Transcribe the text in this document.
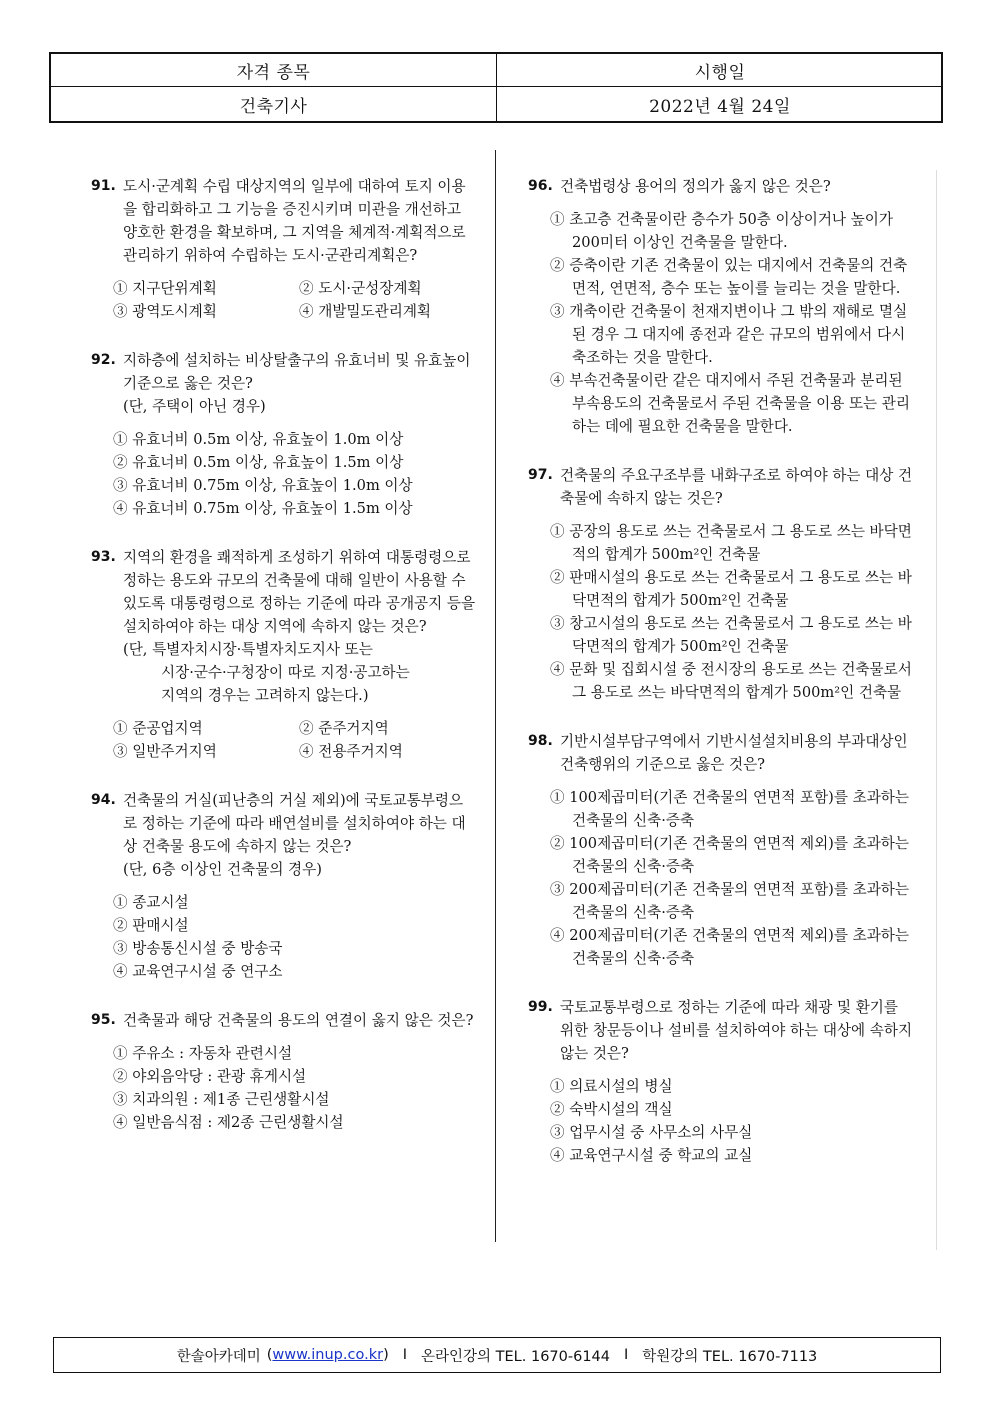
자격 종목	시행일
건축기사	2022년 4월 24일
91. 도시·군계획 수립 대상지역의 일부에 대하여 토지 이용을 합리화하고 그 기능을 증진시키며 미관을 개선하고 양호한 환경을 확보하며, 그 지역을 체계적·계획적으로 관리하기 위하여 수립하는 도시·군관리계획은?
① 지구단위계획	② 도시·군성장계획
③ 광역도시계획	④ 개발밀도관리계획
92. 지하층에 설치하는 비상탈출구의 유효너비 및 유효높이 기준으로 옳은 것은?
(단, 주택이 아닌 경우)
① 유효너비 0.5m 이상, 유효높이 1.0m 이상
② 유효너비 0.5m 이상, 유효높이 1.5m 이상
③ 유효너비 0.75m 이상, 유효높이 1.0m 이상
④ 유효너비 0.75m 이상, 유효높이 1.5m 이상
93. 지역의 환경을 쾌적하게 조성하기 위하여 대통령령으로 정하는 용도와 규모의 건축물에 대해 일반이 사용할 수 있도록 대통령령으로 정하는 기준에 따라 공개공지 등을 설치하여야 하는 대상 지역에 속하지 않는 것은?
(단, 특별자치시장·특별자치도지사 또는
시장·군수·구청장이 따로 지정·공고하는
지역의 경우는 고려하지 않는다.)
① 준공업지역	② 준주거지역
③ 일반주거지역	④ 전용주거지역
94. 건축물의 거실(피난층의 거실 제외)에 국토교통부령으로 정하는 기준에 따라 배연설비를 설치하여야 하는 대상 건축물 용도에 속하지 않는 것은?
(단, 6층 이상인 건축물의 경우)
① 종교시설
② 판매시설
③ 방송통신시설 중 방송국
④ 교육연구시설 중 연구소
95. 건축물과 해당 건축물의 용도의 연결이 옳지 않은 것은?
① 주유소 : 자동차 관련시설
② 야외음악당 : 관광 휴게시설
③ 치과의원 : 제1종 근린생활시설
④ 일반음식점 : 제2종 근린생활시설
96. 건축법령상 용어의 정의가 옳지 않은 것은?
① 초고층 건축물이란 층수가 50층 이상이거나 높이가 200미터 이상인 건축물을 말한다.
② 증축이란 기존 건축물이 있는 대지에서 건축물의 건축면적, 연면적, 층수 또는 높이를 늘리는 것을 말한다.
③ 개축이란 건축물이 천재지변이나 그 밖의 재해로 멸실된 경우 그 대지에 종전과 같은 규모의 범위에서 다시 축조하는 것을 말한다.
④ 부속건축물이란 같은 대지에서 주된 건축물과 분리된 부속용도의 건축물로서 주된 건축물을 이용 또는 관리하는 데에 필요한 건축물을 말한다.
97. 건축물의 주요구조부를 내화구조로 하여야 하는 대상 건축물에 속하지 않는 것은?
① 공장의 용도로 쓰는 건축물로서 그 용도로 쓰는 바닥면적의 합계가 500m²인 건축물
② 판매시설의 용도로 쓰는 건축물로서 그 용도로 쓰는 바닥면적의 합계가 500m²인 건축물
③ 창고시설의 용도로 쓰는 건축물로서 그 용도로 쓰는 바닥면적의 합계가 500m²인 건축물
④ 문화 및 집회시설 중 전시장의 용도로 쓰는 건축물로서 그 용도로 쓰는 바닥면적의 합계가 500m²인 건축물
98. 기반시설부담구역에서 기반시설설치비용의 부과대상인 건축행위의 기준으로 옳은 것은?
① 100제곱미터(기존 건축물의 연면적 포함)를 초과하는 건축물의 신축·증축
② 100제곱미터(기존 건축물의 연면적 제외)를 초과하는 건축물의 신축·증축
③ 200제곱미터(기존 건축물의 연면적 포함)를 초과하는 건축물의 신축·증축
④ 200제곱미터(기존 건축물의 연면적 제외)를 초과하는 건축물의 신축·증축
99. 국토교통부령으로 정하는 기준에 따라 채광 및 환기를 위한 창문등이나 설비를 설치하여야 하는 대상에 속하지 않는 것은?
① 의료시설의 병실
② 숙박시설의 객실
③ 업무시설 중 사무소의 사무실
④ 교육연구시설 중 학교의 교실
한솔아카데미 ( www.inup.co.kr ) I 온라인강의 TEL. 1670-6144 I 학원강의 TEL. 1670-7113
